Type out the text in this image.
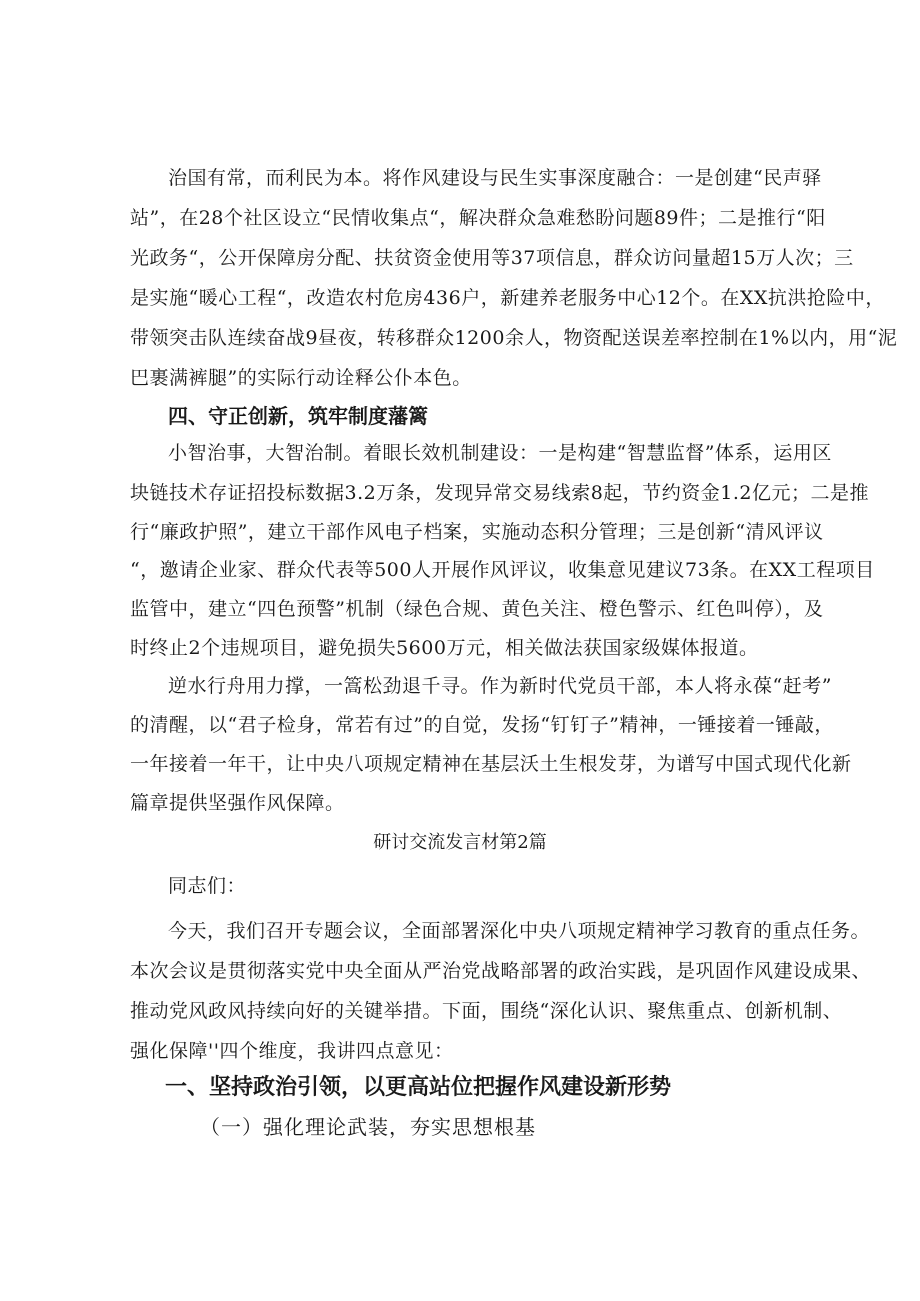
治国有常，而利民为本。将作风建设与民生实事深度融合：一是创建“民声驿
站”，在28个社区设立“民情收集点“，解决群众急难愁盼问题89件；二是推行“阳
光政务“，公开保障房分配、扶贫资金使用等37项信息，群众访问量超15万人次；三
是实施“暖心工程“，改造农村危房436户，新建养老服务中心12个。在XX抗洪抢险中，
带领突击队连续奋战9昼夜，转移群众1200余人，物资配送误差率控制在1%以内，用“泥
巴裹满裤腿”的实际行动诠释公仆本色。
四、守正创新，筑牢制度藩篱
小智治事，大智治制。着眼长效机制建设：一是构建“智慧监督”体系，运用区
块链技术存证招投标数据3.2万条，发现异常交易线索8起，节约资金1.2亿元；二是推
行“廉政护照”，建立干部作风电子档案，实施动态积分管理；三是创新“清风评议
“，邀请企业家、群众代表等500人开展作风评议，收集意见建议73条。在XX工程项目
监管中，建立“四色预警”机制（绿色合规、黄色关注、橙色警示、红色叫停），及
时终止2个违规项目，避免损失5600万元，相关做法获国家级媒体报道。
逆水行舟用力撑，一篙松劲退千寻。作为新时代党员干部，本人将永葆“赶考”
的清醒，以“君子检身，常若有过”的自觉，发扬“钉钉子”精神，一锤接着一锤敲，
一年接着一年干，让中央八项规定精神在基层沃土生根发芽，为谱写中国式现代化新
篇章提供坚强作风保障。
研讨交流发言材第2篇
同志们：
今天，我们召开专题会议，全面部署深化中央八项规定精神学习教育的重点任务。
本次会议是贯彻落实党中央全面从严治党战略部署的政治实践，是巩固作风建设成果、
推动党风政风持续向好的关键举措。下面，围绕“深化认识、聚焦重点、创新机制、
强化保障''四个维度，我讲四点意见：
一、坚持政治引领，以更高站位把握作风建设新形势
（一）强化理论武装，夯实思想根基
